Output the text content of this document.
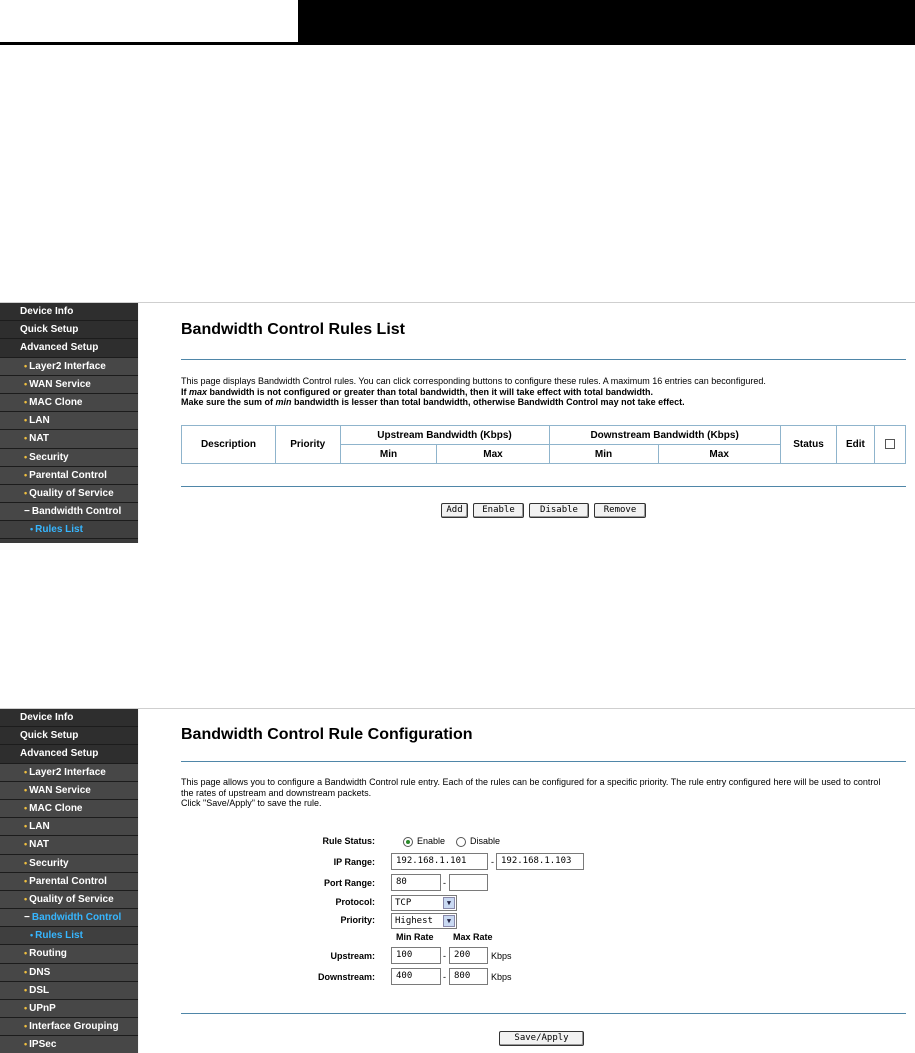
Device Info
Quick Setup
Advanced Setup
• Layer2 Interface
• WAN Service
• MAC Clone
• LAN
• NAT
• Security
• Parental Control
• Quality of Service
− Bandwidth Control
• Rules List
Bandwidth Control Rules List
This page displays Bandwidth Control rules. You can click corresponding buttons to configure these rules. A maximum 16 entries can beconfigured.
If max bandwidth is not configured or greater than total bandwidth, then it will take effect with total bandwidth.
Make sure the sum of min bandwidth is lesser than total bandwidth, otherwise Bandwidth Control may not take effect.
Description	Priority	Upstream Bandwidth (Kbps)		Downstream Bandwidth (Kbps)		Status	Edit	
		Min	Max	Min	Max			
Add	Enable	Disable	Remove
Device Info
Quick Setup
Advanced Setup
• Layer2 Interface
• WAN Service
• MAC Clone
• LAN
• NAT
• Security
• Parental Control
• Quality of Service
− Bandwidth Control
• Rules List
• Routing
• DNS
• DSL
• UPnP
• Interface Grouping
• IPSec
Bandwidth Control Rule Configuration
This page allows you to configure a Bandwidth Control rule entry. Each of the rules can be configured for a specific priority. The rule entry configured here will be used to control
the rates of upstream and downstream packets.
Click "Save/Apply" to save the rule.
Rule Status:	Enable	Disable
IP Range:	192.168.1.101	- 192.168.1.103
Port Range:	80	-
Protocol:	TCP	▼
Priority:	Highest	▼
Min Rate Max Rate
Upstream:	100	- 200	Kbps
Downstream:	400	- 800	Kbps
Save/Apply
